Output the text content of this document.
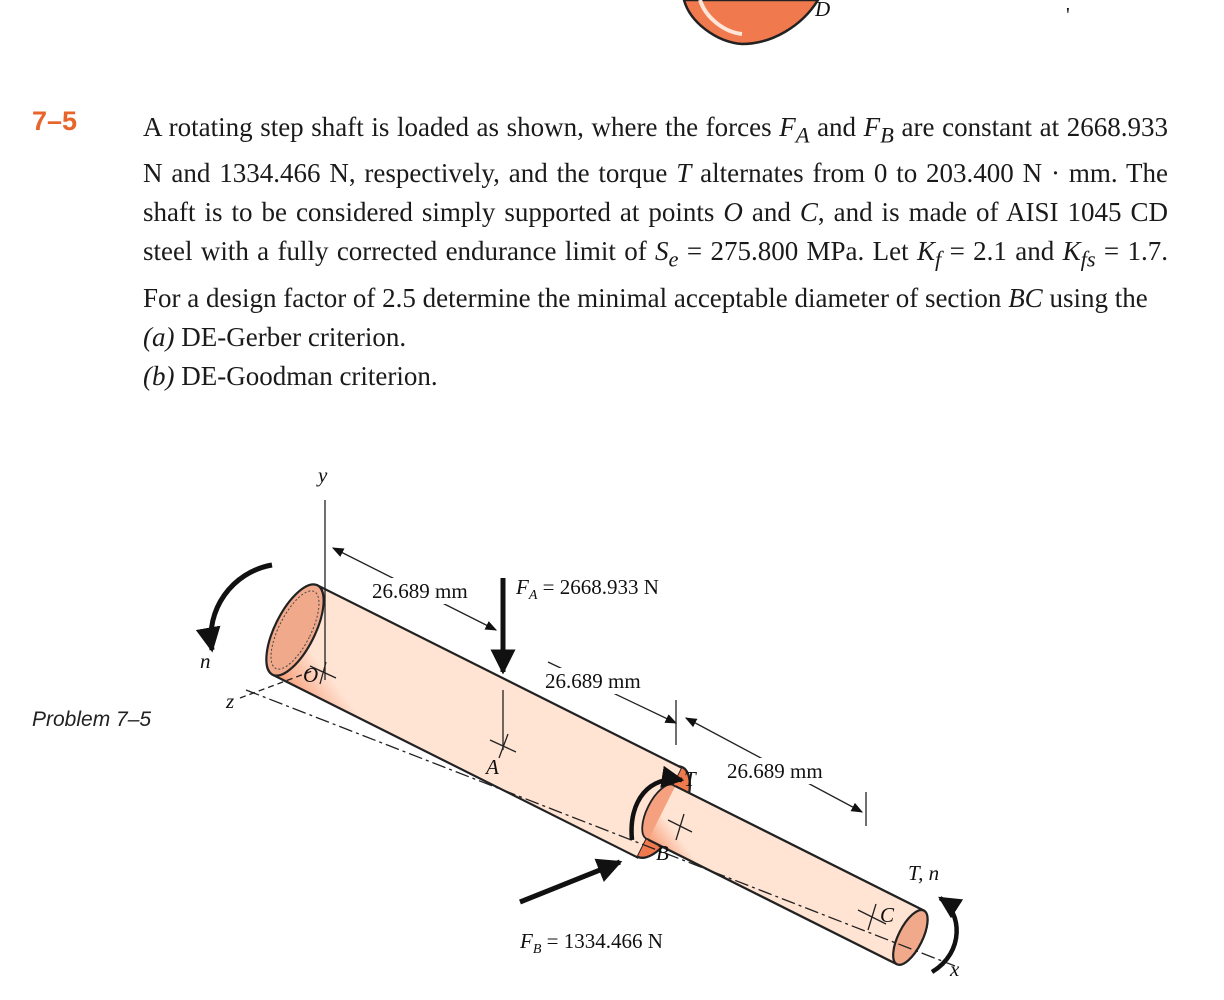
7–5 A rotating step shaft is loaded as shown, where the forces $F_A$ and $F_B$ are constant at 2668.933 N and 1334.466 N, respectively, and the torque T alternates from 0 to 203.400 N · mm. The shaft is to be considered simply supported at points O and C, and is made of AISI 1045 CD steel with a fully corrected endurance limit of $S_e = 275.800$ MPa. Let $K_f = 2.1$ and $K_{fs} = 1.7$. For a design factor of 2.5 determine the minimal acceptable diameter of section BC using the

(a) DE-Gerber criterion.
(b) DE-Goodman criterion.
Problem 7–5
D	'
y
z
O
n
26.689 mm $F_A = 2668.933$ N
A
26.689 mm
26.689 mm
T
B
$F_B = 1334.466$ N
C
T, n
x
